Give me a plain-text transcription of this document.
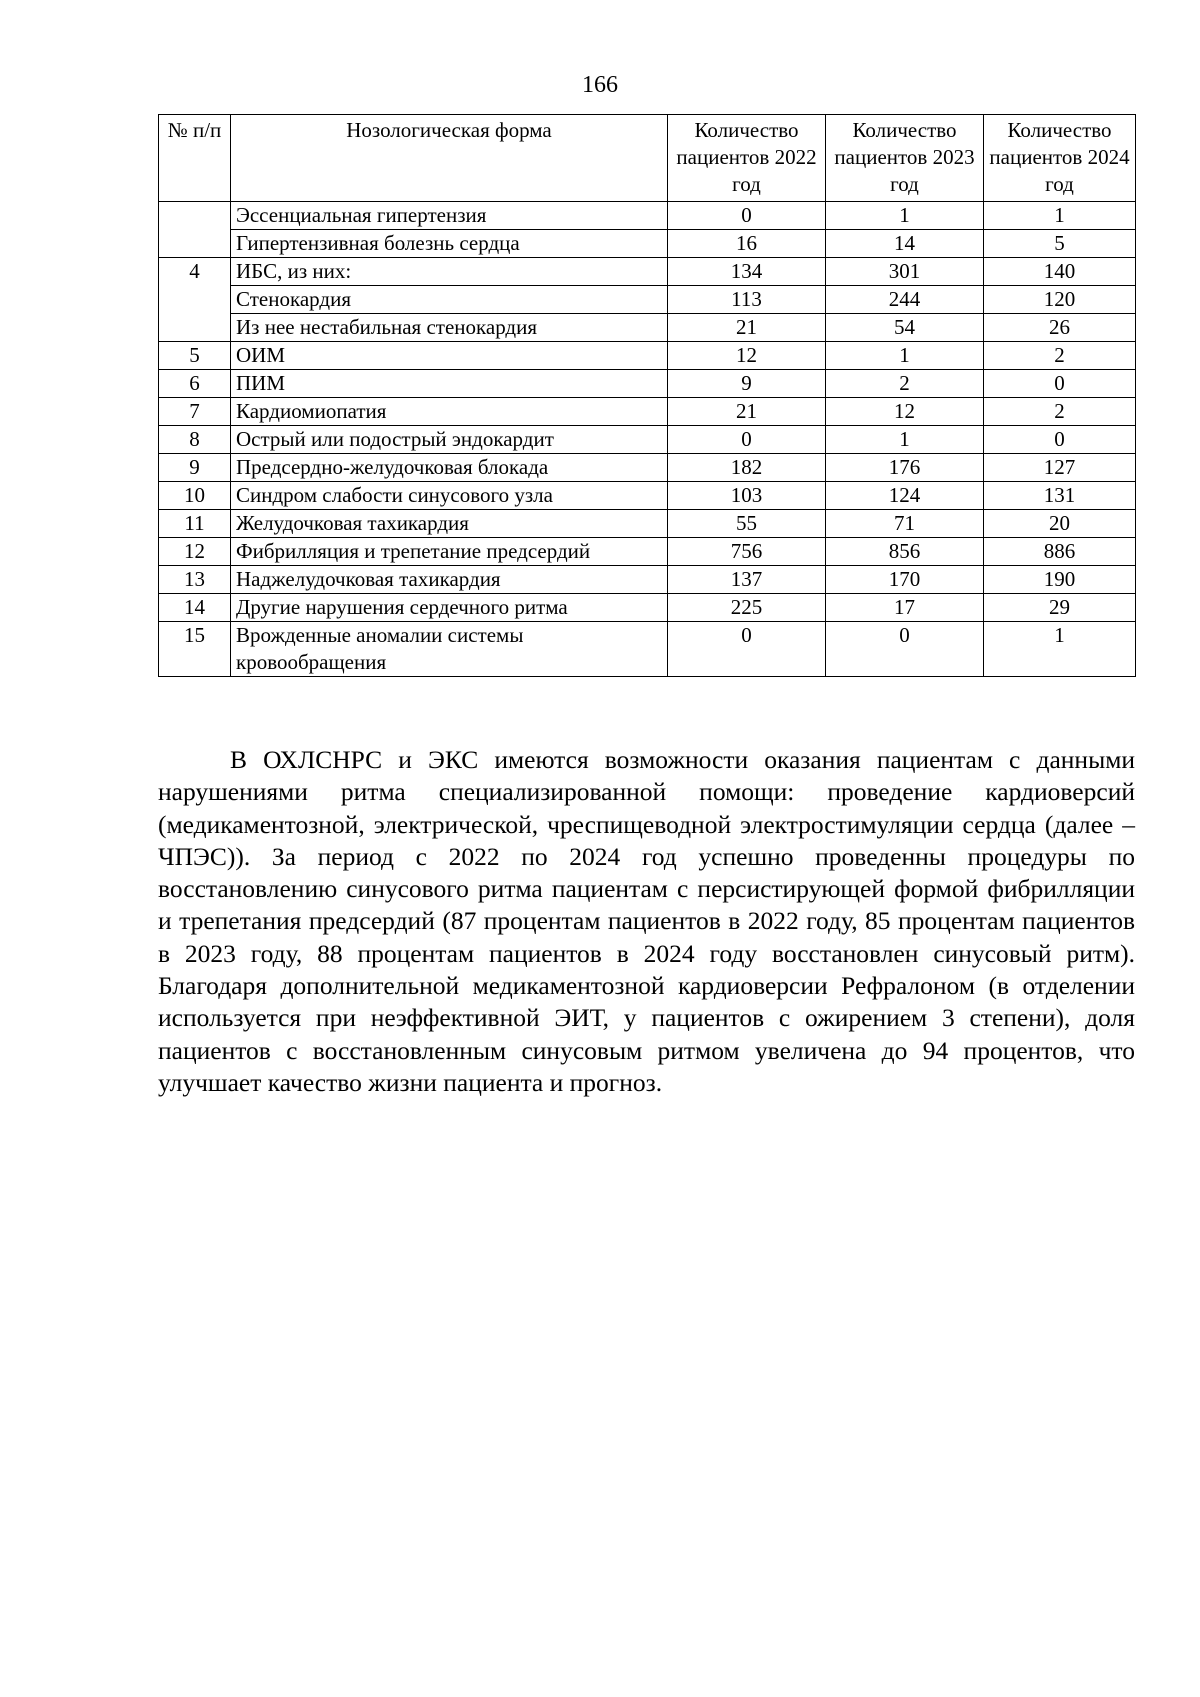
166
№ п/п	Нозологическая форма	Количество пациентов 2022 год	Количество пациентов 2023 год	Количество пациентов 2024 год
	Эссенциальная гипертензия	0	1	1
	Гипертензивная болезнь сердца	16	14	5
4	ИБС, из них:	134	301	140
	Стенокардия	113	244	120
	Из нее нестабильная стенокардия	21	54	26
5	ОИМ	12	1	2
6	ПИМ	9	2	0
7	Кардиомиопатия	21	12	2
8	Острый или подострый эндокардит	0	1	0
9	Предсердно-желудочковая блокада	182	176	127
10	Синдром слабости синусового узла	103	124	131
11	Желудочковая тахикардия	55	71	20
12	Фибрилляция и трепетание предсердий	756	856	886
13	Наджелудочковая тахикардия	137	170	190
14	Другие нарушения сердечного ритма	225	17	29
15	Врожденные аномалии системы кровообращения	0	0	1

В ОХЛСНРС и ЭКС имеются возможности оказания пациентам с данными нарушениями ритма специализированной помощи: проведение кардиоверсий (медикаментозной, электрической, чреспищеводной электростимуляции сердца (далее – ЧПЭС)). За период с 2022 по 2024 год успешно проведенны процедуры по восстановлению синусового ритма пациентам с персистирующей формой фибрилляции и трепетания предсердий (87 процентам пациентов в 2022 году, 85 процентам пациентов в 2023 году, 88 процентам пациентов в 2024 году восстановлен синусовый ритм). Благодаря дополнительной медикаментозной кардиоверсии Рефралоном (в отделении используется при неэффективной ЭИТ, у пациентов с ожирением 3 степени), доля пациентов с восстановленным синусовым ритмом увеличена до 94 процентов, что улучшает качество жизни пациента и прогноз.
